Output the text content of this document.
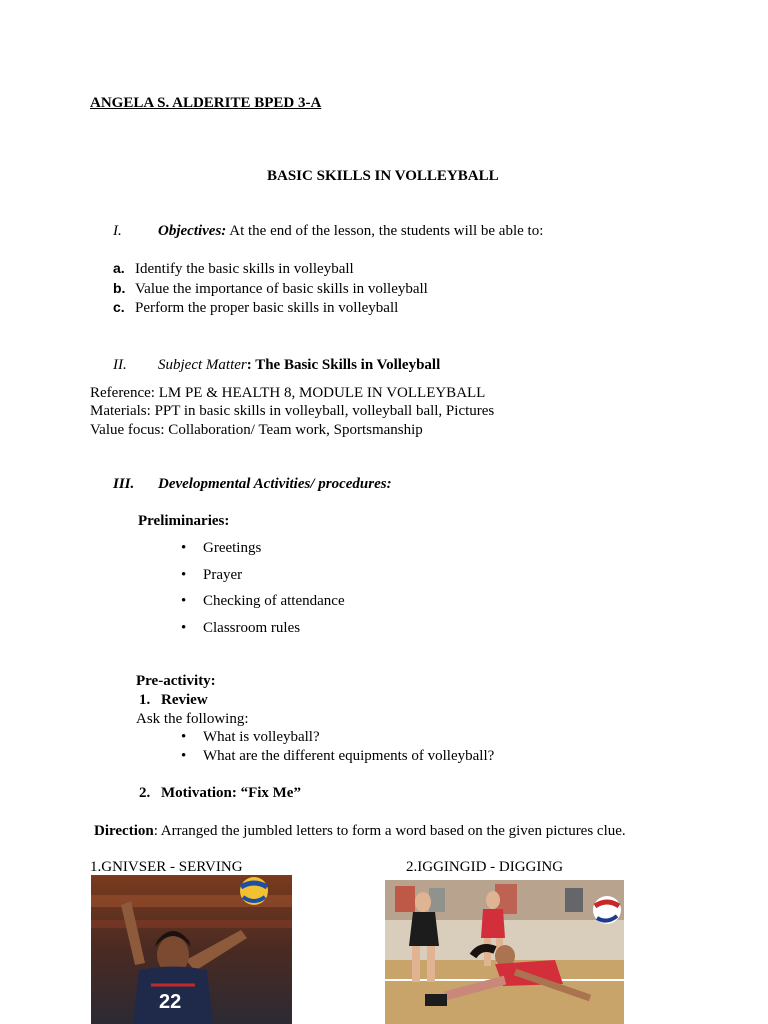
ANGELA S. ALDERITE BPED 3-A
BASIC SKILLS IN VOLLEYBALL
I. Objectives: At the end of the lesson, the students will be able to:
a. Identify the basic skills in volleyball
b. Value the importance of basic skills in volleyball
c. Perform the proper basic skills in volleyball
II. Subject Matter: The Basic Skills in Volleyball
Reference: LM PE & HEALTH 8, MODULE IN VOLLEYBALL
Materials: PPT in basic skills in volleyball, volleyball ball, Pictures
Value focus: Collaboration/ Team work, Sportsmanship
III. Developmental Activities/ procedures:
Preliminaries:
• Greetings
• Prayer
• Checking of attendance
• Classroom rules
Pre-activity:
1. Review
Ask the following:
• What is volleyball?
• What are the different equipments of volleyball?
2. Motivation: “Fix Me”
Direction: Arranged the jumbled letters to form a word based on the given pictures clue.
1.GNIVSER - SERVING	2.IGGINGID - DIGGING
22
